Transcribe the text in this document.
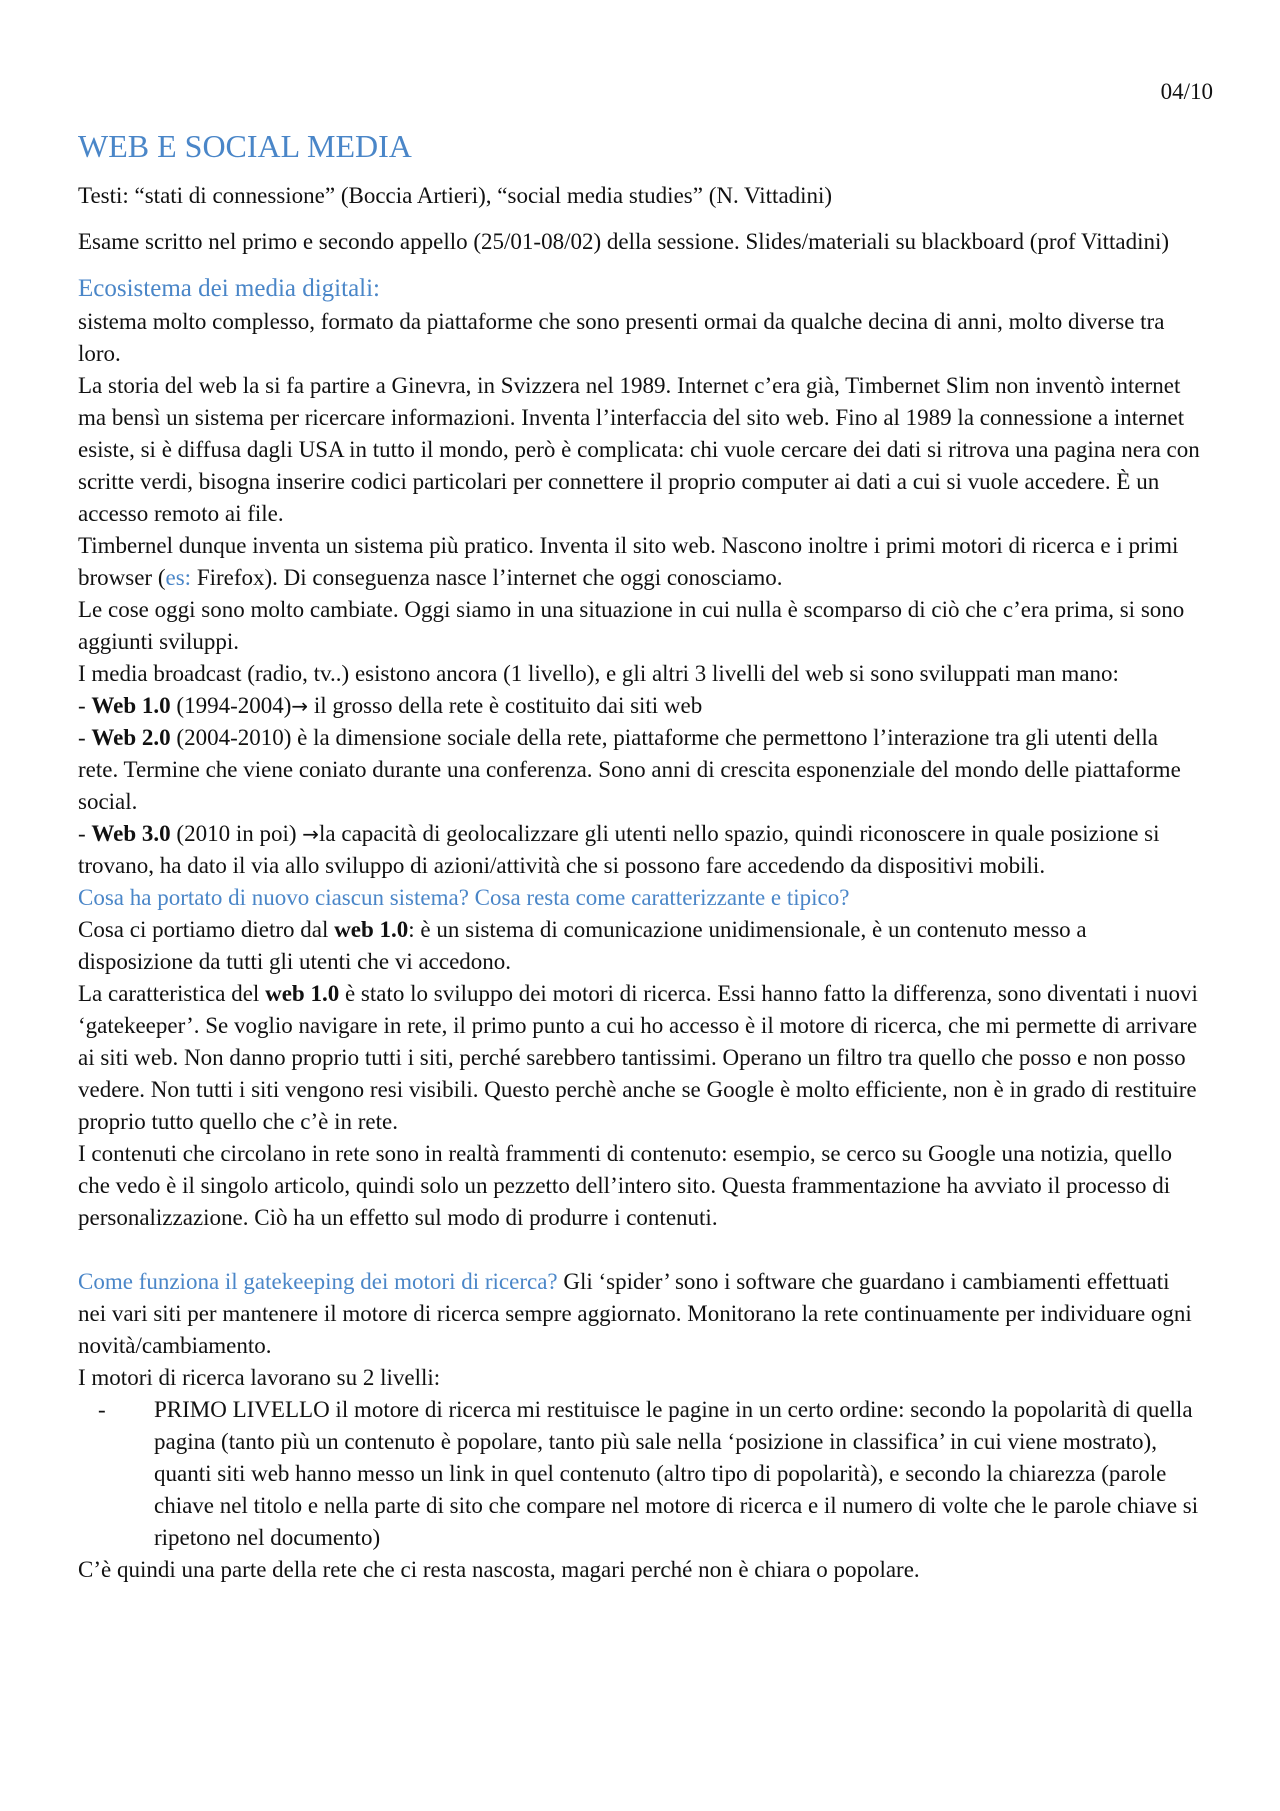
04/10
WEB E SOCIAL MEDIA

Testi: “stati di connessione” (Boccia Artieri), “social media studies” (N. Vittadini)

Esame scritto nel primo e secondo appello (25/01-08/02) della sessione. Slides/materiali su blackboard (prof Vittadini)

Ecosistema dei media digitali:

sistema molto complesso, formato da piattaforme che sono presenti ormai da qualche decina di anni, molto diverse tra loro.

La storia del web la si fa partire a Ginevra, in Svizzera nel 1989. Internet c’era già, Timbernet Slim non inventò internet ma bensì un sistema per ricercare informazioni. Inventa l’interfaccia del sito web. Fino al 1989 la connessione a internet esiste, si è diffusa dagli USA in tutto il mondo, però è complicata: chi vuole cercare dei dati si ritrova una pagina nera con scritte verdi, bisogna inserire codici particolari per connettere il proprio computer ai dati a cui si vuole accedere. È un accesso remoto ai file.

Timbernel dunque inventa un sistema più pratico. Inventa il sito web. Nascono inoltre i primi motori di ricerca e i primi browser (es: Firefox). Di conseguenza nasce l’internet che oggi conosciamo.

Le cose oggi sono molto cambiate. Oggi siamo in una situazione in cui nulla è scomparso di ciò che c’era prima, si sono aggiunti sviluppi.

I media broadcast (radio, tv..) esistono ancora (1 livello), e gli altri 3 livelli del web si sono sviluppati man mano:

- Web 1.0 (1994-2004)→ il grosso della rete è costituito dai siti web

- Web 2.0 (2004-2010) è la dimensione sociale della rete, piattaforme che permettono l’interazione tra gli utenti della rete. Termine che viene coniato durante una conferenza. Sono anni di crescita esponenziale del mondo delle piattaforme social.

- Web 3.0 (2010 in poi) →la capacità di geolocalizzare gli utenti nello spazio, quindi riconoscere in quale posizione si trovano, ha dato il via allo sviluppo di azioni/attività che si possono fare accedendo da dispositivi mobili.

Cosa ha portato di nuovo ciascun sistema? Cosa resta come caratterizzante e tipico?

Cosa ci portiamo dietro dal web 1.0: è un sistema di comunicazione unidimensionale, è un contenuto messo a disposizione da tutti gli utenti che vi accedono.

La caratteristica del web 1.0 è stato lo sviluppo dei motori di ricerca. Essi hanno fatto la differenza, sono diventati i nuovi ‘gatekeeper’. Se voglio navigare in rete, il primo punto a cui ho accesso è il motore di ricerca, che mi permette di arrivare ai siti web. Non danno proprio tutti i siti, perché sarebbero tantissimi. Operano un filtro tra quello che posso e non posso vedere. Non tutti i siti vengono resi visibili. Questo perchè anche se Google è molto efficiente, non è in grado di restituire proprio tutto quello che c’è in rete.

I contenuti che circolano in rete sono in realtà frammenti di contenuto: esempio, se cerco su Google una notizia, quello che vedo è il singolo articolo, quindi solo un pezzetto dell’intero sito. Questa frammentazione ha avviato il processo di personalizzazione. Ciò ha un effetto sul modo di produrre i contenuti.

Come funziona il gatekeeping dei motori di ricerca? Gli ‘spider’ sono i software che guardano i cambiamenti effettuati nei vari siti per mantenere il motore di ricerca sempre aggiornato. Monitorano la rete continuamente per individuare ogni novità/cambiamento.

I motori di ricerca lavorano su 2 livelli:

- PRIMO LIVELLO il motore di ricerca mi restituisce le pagine in un certo ordine: secondo la popolarità di quella pagina (tanto più un contenuto è popolare, tanto più sale nella ‘posizione in classifica’ in cui viene mostrato), quanti siti web hanno messo un link in quel contenuto (altro tipo di popolarità), e secondo la chiarezza (parole chiave nel titolo e nella parte di sito che compare nel motore di ricerca e il numero di volte che le parole chiave si ripetono nel documento)

C’è quindi una parte della rete che ci resta nascosta, magari perché non è chiara o popolare.
